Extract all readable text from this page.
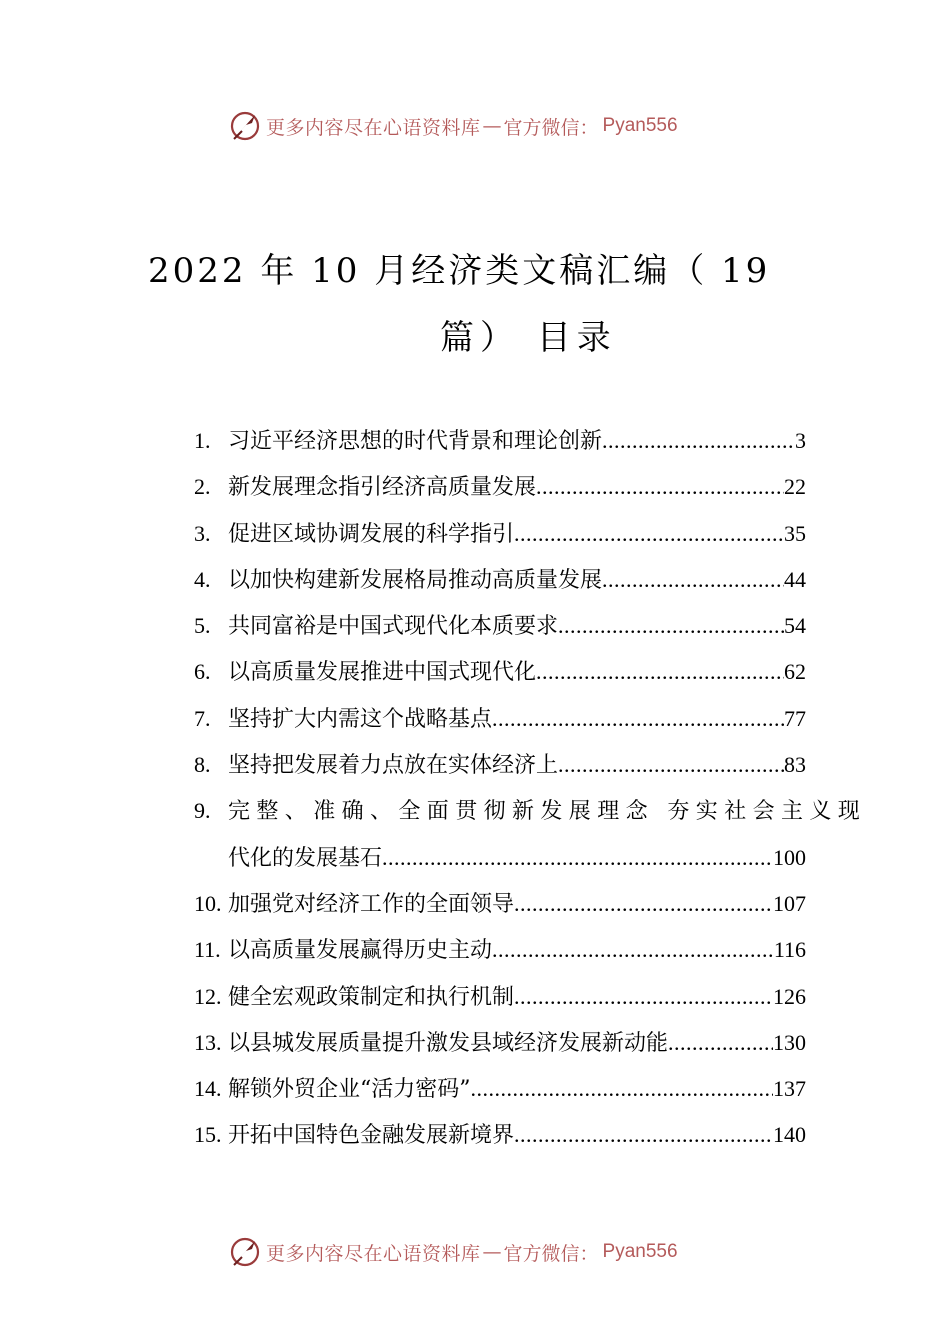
更多内容尽在心语资料库 — 官方微信： Pyan556
2022 年 10 月经济类文稿汇编（ 19
篇） 目录
1. 习近平经济思想的时代背景和理论创新 .....	3
2. 新发展理念指引经济高质量发展 .....	22
3. 促进区域协调发展的科学指引 .....	35
4. 以加快构建新发展格局推动高质量发展 .....	44
5. 共同富裕是中国式现代化本质要求 .....	54
6. 以高质量发展推进中国式现代化 .....	62
7. 坚持扩大内需这个战略基点 .....	77
8. 坚持把发展着力点放在实体经济上 .....	83
9. 完整、准确、全面贯彻新发展理念 夯实社会主义现
代化的发展基石 .....	100
10. 加强党对经济工作的全面领导 .....	107
11. 以高质量发展赢得历史主动 .....	116
12. 健全宏观政策制定和执行机制 .....	126
13. 以县城发展质量提升激发县域经济发展新动能 .....	130
14. 解锁外贸企业“活力密码” .....	137
15. 开拓中国特色金融发展新境界 .....	140
更多内容尽在心语资料库 — 官方微信： Pyan556
